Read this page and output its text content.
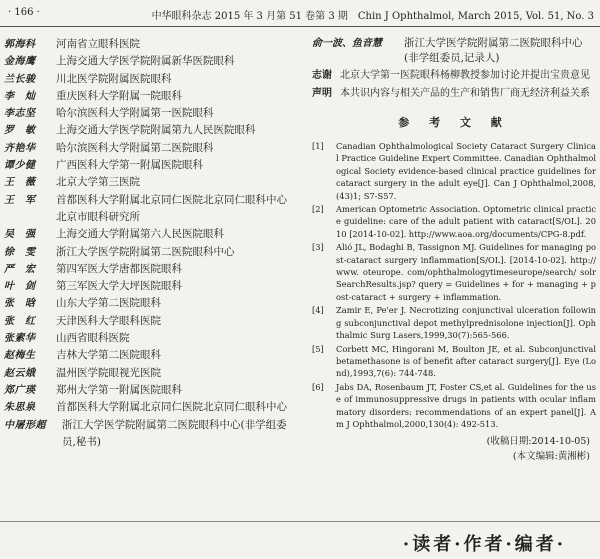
· 166 ·	中华眼科杂志 2015 年 3 月第 51 卷第 3 期　Chin J Ophthalmol, March 2015, Vol. 51, No. 3
郭海科	河南省立眼科医院
金海鹰	上海交通大学医学院附属新华医院眼科
兰长骏	川北医学院附属医院眼科
李　灿	重庆医科大学附属一院眼科
李志坚	哈尔滨医科大学附属第一医院眼科
罗　敏	上海交通大学医学院附属第九人民医院眼科
齐艳华	哈尔滨医科大学附属第二医院眼科
谭少健	广西医科大学第一附属医院眼科
王　薇	北京大学第三医院
王　军	首都医科大学附属北京同仁医院北京同仁眼科中心 北京市眼科研究所
吴　强	上海交通大学附属第六人民医院眼科
徐　雯	浙江大学医学院附属第二医院眼科中心
严　宏	第四军医大学唐都医院眼科
叶　剑	第三军医大学大坪医院眼科
张　晗	山东大学第二医院眼科
张　红	天津医科大学眼科医院
张素华	山西省眼科医院
赵梅生	吉林大学第二医院眼科
赵云娥	温州医学院眼视光医院
郑广瑛	郑州大学第一附属医院眼科
朱思泉	首都医科大学附属北京同仁医院北京同仁眼科中心
中屠形超	浙江大学医学院附属第二医院眼科中心(非学组委员,秘书)
俞一波、鱼音慧	浙江大学医学院附属第二医院眼科中心(非学组委员,记录人)
志谢 北京大学第一医院眼科杨柳教授参加讨论并提出宝贵意见
声明 本共识内容与相关产品的生产和销售厂商无经济利益关系
参 考 文 献
[1]	Canadian Ophthalmological Society Cataract Surgery Clinical Practice Guideline Expert Committee. Canadian Ophthalmological Society evidence-based clinical practice guidelines for cataract surgery in the adult eye[J]. Can J Ophthalmol,2008,(43)1; S7-S57.
[2]	American Optometric Association. Optometric clinical practice guideline: care of the adult patient with cataract[S/OL]. 2010 [2014-10-02]. http://www.aoa.org/documents/CPG-8.pdf.
[3]	Alió JL, Bodaghi B, Tassignon MJ. Guidelines for managing post-cataract surgery inflammation[S/OL]. [2014-10-02]. http:// www. oteurope. com/ophthalmologytimeseurope/search/ solrSearchResults.jsp? query = Guidelines + for + managing + post-cataract + surgery + inflammation.
[4]	Zamir E, Pe'er J. Necrotizing conjunctival ulceration following subconjunctival depot methylprednisolone injection[J]. Ophthalmic Surg Lasers,1999,30(7):565-566.
[5]	Corbett MC, Hingorani M, Boulton JE, et al. Subconjunctival betamethasone is of benefit after cataract surgery[J]. Eye (Lond),1993,7(6): 744-748.
[6]	Jabs DA, Rosenbaum JT, Foster CS,et al. Guidelines for the use of immunosuppressive drugs in patients with ocular inflammatory disorders: recommendations of an expert panel[J]. Am J Ophthalmol,2000,130(4): 492-513.
(收稿日期:2014-10-05)
(本文编辑:黄湘彬)
·读者·作者·编者·
